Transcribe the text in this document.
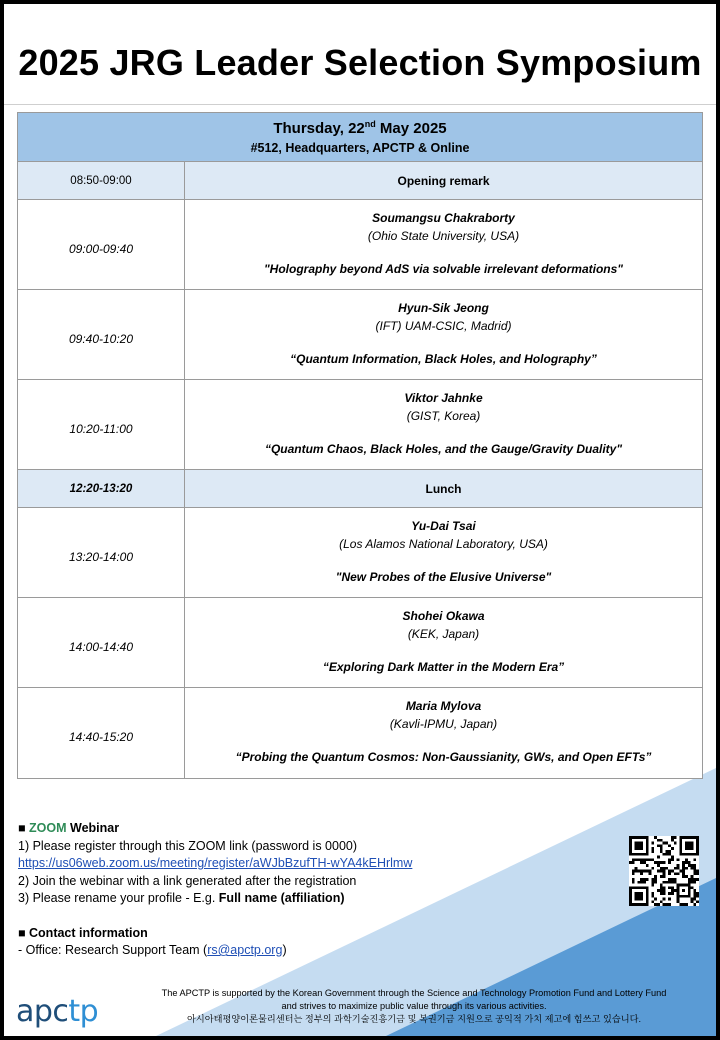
2025 JRG Leader Selection Symposium
Thursday, 22nd May 2025
#512, Headquarters, APCTP & Online
08:50-09:00	Opening remark
09:00-09:40
Soumangsu Chakraborty
(Ohio State University, USA)
"Holography beyond AdS via solvable irrelevant deformations"
09:40-10:20
Hyun-Sik Jeong
(IFT) UAM-CSIC, Madrid)
“Quantum Information, Black Holes, and Holography”
10:20-11:00
Viktor Jahnke
(GIST, Korea)
“Quantum Chaos, Black Holes, and the Gauge/Gravity Duality"
12:20-13:20	Lunch
13:20-14:00
Yu-Dai Tsai
(Los Alamos National Laboratory, USA)
"New Probes of the Elusive Universe"
14:00-14:40
Shohei Okawa
(KEK, Japan)
“Exploring Dark Matter in the Modern Era”
14:40-15:20
Maria Mylova
(Kavli-IPMU, Japan)
“Probing the Quantum Cosmos: Non-Gaussianity, GWs, and Open EFTs”
■ ZOOM Webinar
1) Please register through this ZOOM link (password is 0000)
https://us06web.zoom.us/meeting/register/aWJbBzufTH-wYA4kEHrlmw
2) Join the webinar with a link generated after the registration
3) Please rename your profile - E.g. Full name (affiliation)
■ Contact information
- Office: Research Support Team (rs@apctp.org)
apctp
The APCTP is supported by the Korean Government through the Science and Technology Promotion Fund and Lottery Fund
and strives to maximize public value through its various activities.
아시아태평양이론물리센터는 정부의 과학기술진흥기금 및 복권기금 지원으로 공익적 가치 제고에 힘쓰고 있습니다.
